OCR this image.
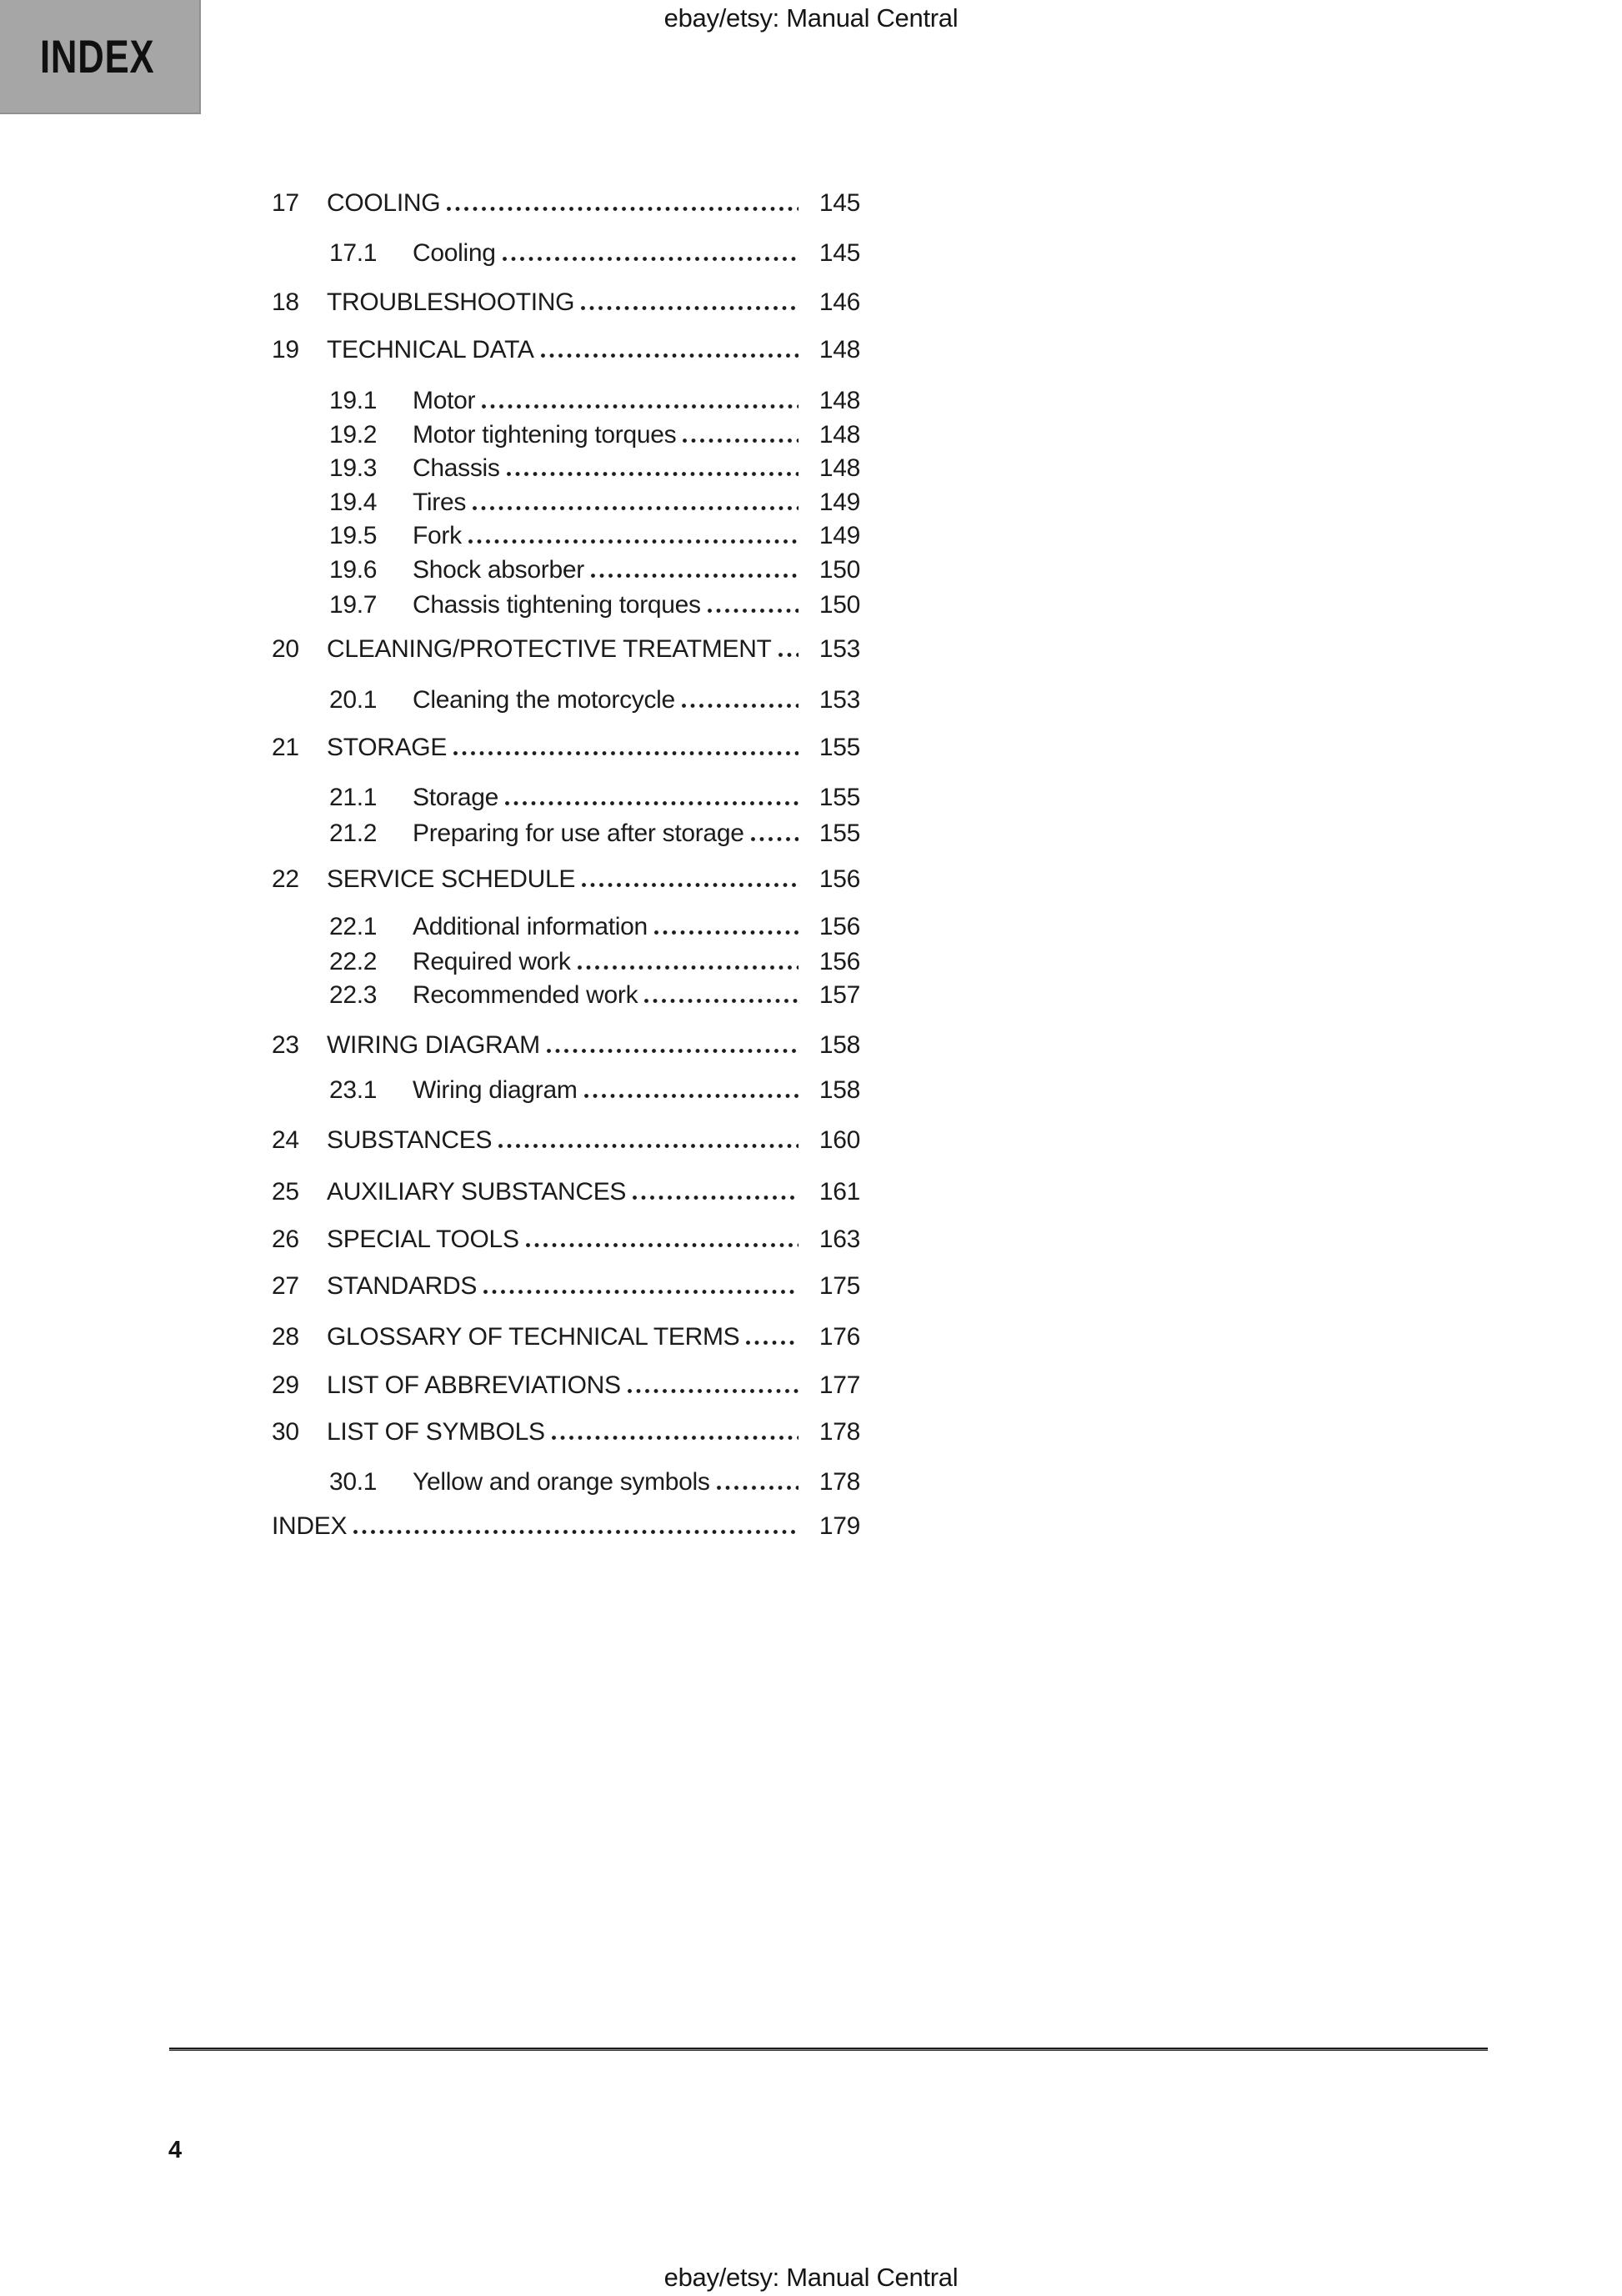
ebay/etsy: Manual Central
INDEX
17	COOLING	145
17.1	Cooling	145
18	TROUBLESHOOTING	146
19	TECHNICAL DATA	148
19.1	Motor	148
19.2	Motor tightening torques	148
19.3	Chassis	148
19.4	Tires	149
19.5	Fork	149
19.6	Shock absorber	150
19.7	Chassis tightening torques	150
20	CLEANING/PROTECTIVE TREATMENT 153
20.1	Cleaning the motorcycle	153
21	STORAGE	155
21.1	Storage	155
21.2	Preparing for use after storage	155
22	SERVICE SCHEDULE	156
22.1	Additional information	156
22.2	Required work	156
22.3	Recommended work	157
23	WIRING DIAGRAM	158
23.1	Wiring diagram	158
24	SUBSTANCES	160
25	AUXILIARY SUBSTANCES	161
26	SPECIAL TOOLS	163
27	STANDARDS	175
28	GLOSSARY OF TECHNICAL TERMS	176
29	LIST OF ABBREVIATIONS	177
30	LIST OF SYMBOLS	178
30.1	Yellow and orange symbols	178
INDEX	179
4
ebay/etsy: Manual Central
